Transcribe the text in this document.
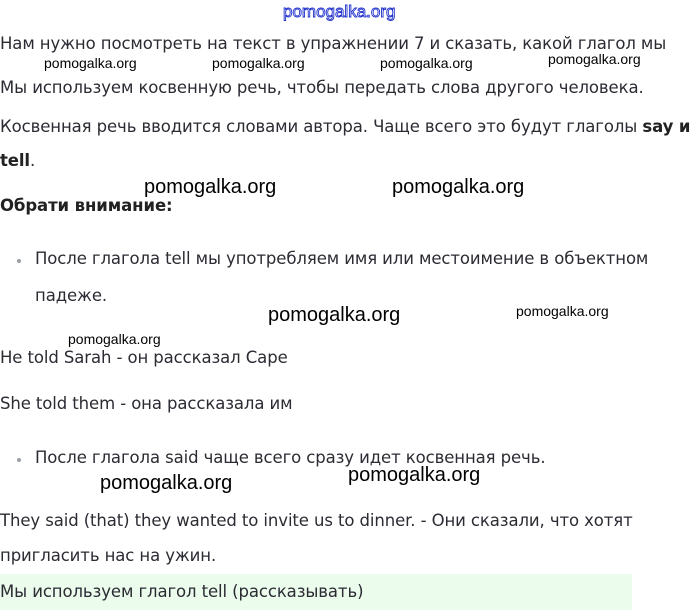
pomogalka.org
Нам нужно посмотреть на текст в упражнении 7 и сказать, какой глагол мы
Мы используем косвенную речь, чтобы передать слова другого человека.
Косвенная речь вводится словами автора. Чаще всего это будут глаголы say и
tell.
Обрати внимание:
После глагола tell мы употребляем имя или местоимение в объектном
падеже.
He told Sarah - он рассказал Саре
She told them - она рассказала им
После глагола said чаще всего сразу идет косвенная речь.
They said (that) they wanted to invite us to dinner. - Они сказали, что хотят
пригласить нас на ужин.
Мы используем глагол tell (рассказывать)
pomogalka.org	pomogalka.org	pomogalka.org	pomogalka.org
pomogalka.org	pomogalka.org
pomogalka.org	pomogalka.org
pomogalka.org
pomogalka.org
pomogalka.org
